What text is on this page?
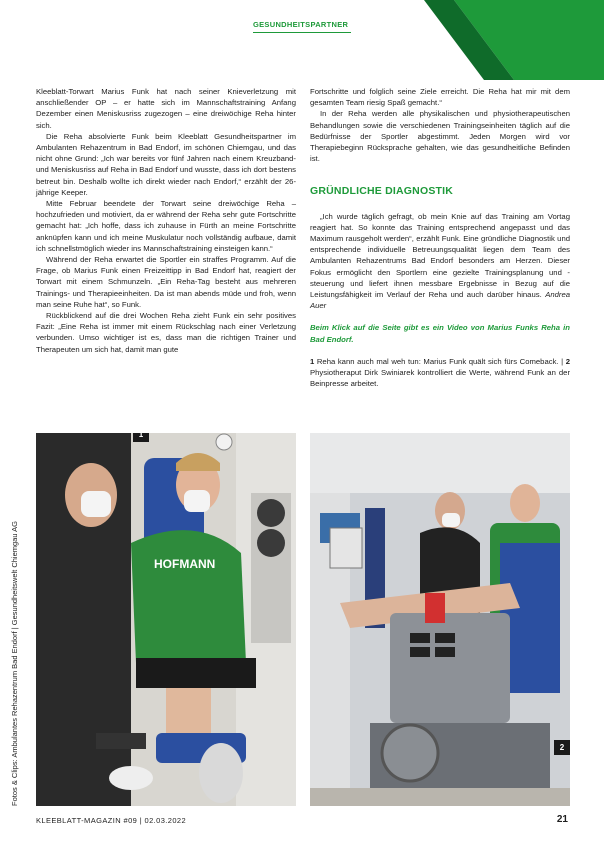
GESUNDHEITSPARTNER

Kleeblatt-Torwart Marius Funk hat nach seiner Knieverletzung mit anschließender OP – er hatte sich im Mannschaftstraining Anfang Dezember einen Meniskusriss zugezogen – eine dreiwöchige Reha hinter sich.

Die Reha absolvierte Funk beim Kleeblatt Gesundheitspartner im Ambulanten Rehazentrum in Bad Endorf, im schönen Chiemgau, und das nicht ohne Grund: „Ich war bereits vor fünf Jahren nach einem Kreuzband- und Meniskusriss auf Reha in Bad Endorf und wusste, dass ich dort bestens betreut bin. Deshalb wollte ich direkt wieder nach Endorf,“ erzählt der 26-jährige Keeper.

Mitte Februar beendete der Torwart seine dreiwöchige Reha – hochzufrieden und motiviert, da er während der Reha sehr gute Fortschritte gemacht hat: „Ich hoffe, dass ich zuhause in Fürth an meine Fortschritte anknüpfen kann und ich meine Muskulatur noch vollständig aufbaue, damit ich schnellstmöglich wieder ins Mannschaftstraining einsteigen kann.“

Während der Reha erwartet die Sportler ein straffes Programm. Auf die Frage, ob Marius Funk einen Freizeittipp in Bad Endorf hat, reagiert der Torwart mit einem Schmunzeln. „Ein Reha-Tag besteht aus mehreren Trainings- und Therapieeinheiten. Da ist man abends müde und froh, wenn man seine Ruhe hat“, so Funk.

Rückblickend auf die drei Wochen Reha zieht Funk ein sehr positives Fazit: „Eine Reha ist immer mit einem Rückschlag nach einer Verletzung verbunden. Umso wichtiger ist es, dass man die richtigen Trainer und Therapeuten um sich hat, damit man gute

Fortschritte und folglich seine Ziele erreicht. Die Reha hat mir mit dem gesamten Team riesig Spaß gemacht.“

In der Reha werden alle physikalischen und physiotherapeutischen Behandlungen sowie die verschiedenen Trainingseinheiten täglich auf die Bedürfnisse der Sportler abgestimmt. Jeden Morgen wird vor Therapiebeginn Rücksprache gehalten, wie das gesundheitliche Befinden ist.

GRÜNDLICHE DIAGNOSTIK

„Ich wurde täglich gefragt, ob mein Knie auf das Training am Vortag reagiert hat. So konnte das Training entsprechend angepasst und das Maximum rausgeholt werden“, erzählt Funk. Eine gründliche Diagnostik und entsprechende individuelle Betreuungsqualität liegen dem Team des Ambulanten Rehazentrums Bad Endorf besonders am Herzen. Dieser Fokus ermöglicht den Sportlern eine gezielte Trainingsplanung und -steuerung und liefert ihnen messbare Ergebnisse in Bezug auf die Leistungsfähigkeit im Verlauf der Reha und auch darüber hinaus. Andrea Auer

Beim Klick auf die Seite gibt es ein Video von Marius Funks Reha in Bad Endorf.

1 Reha kann auch mal weh tun: Marius Funk quält sich fürs Comeback. | 2 Physiotheraput Dirk Swiniarek kontrolliert die Werte, während Funk an der Beinpresse arbeitet.

HOFMANN
1
2
Fotos & Clips: Ambulantes Rehazentrum Bad Endorf | Gesundheitswelt Chiemgau AG
KLEEBLATT-MAGAZIN #09 | 02.03.2022	21
